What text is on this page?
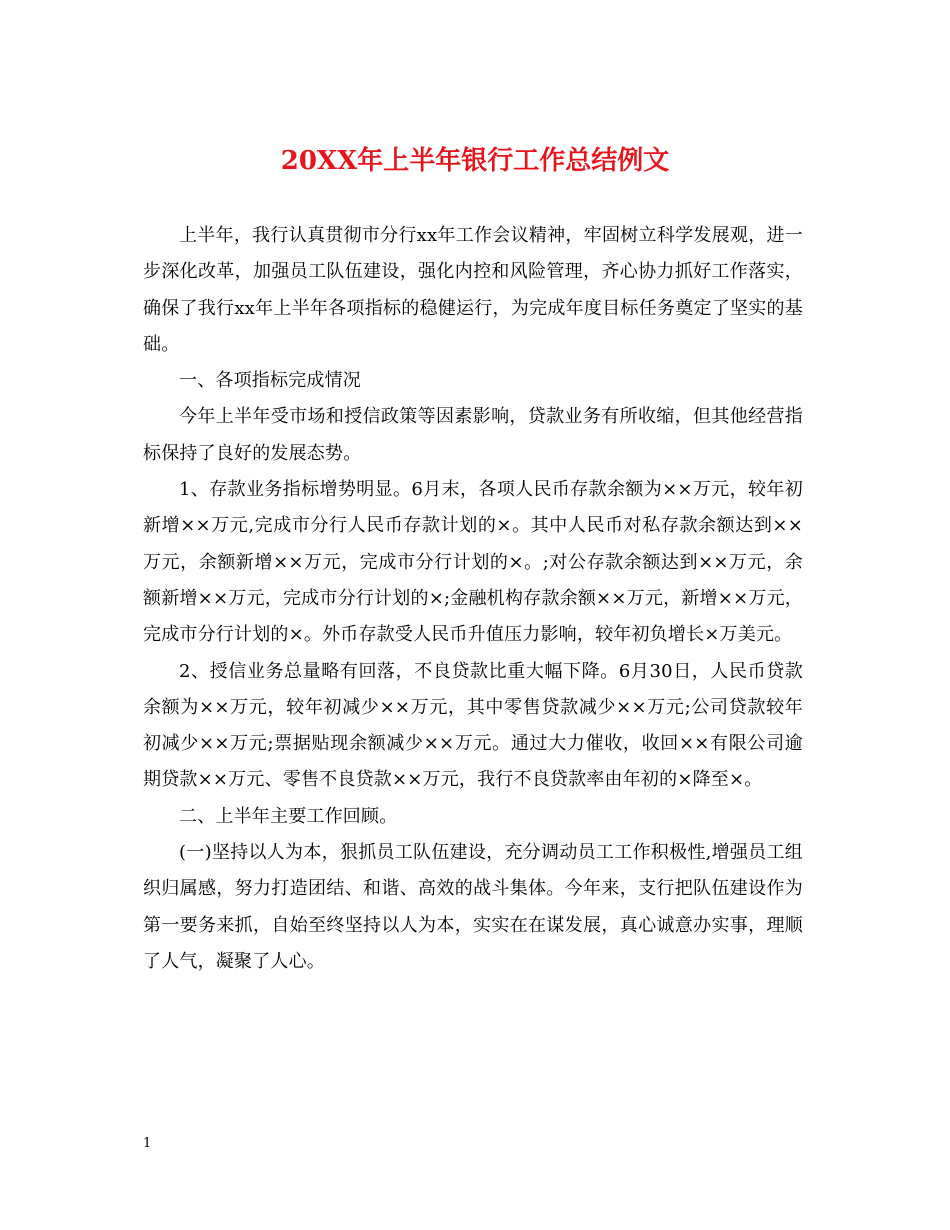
20XX年上半年银行工作总结例文

上半年，我行认真贯彻市分行xx年工作会议精神，牢固树立科学发展观，进一步深化改革，加强员工队伍建设，强化内控和风险管理，齐心协力抓好工作落实，确保了我行xx年上半年各项指标的稳健运行，为完成年度目标任务奠定了坚实的基础。

一、各项指标完成情况

今年上半年受市场和授信政策等因素影响，贷款业务有所收缩，但其他经营指标保持了良好的发展态势。

1、存款业务指标增势明显。6月末，各项人民币存款余额为××万元，较年初新增××万元,完成市分行人民币存款计划的×。其中人民币对私存款余额达到××万元，余额新增××万元，完成市分行计划的×。;对公存款余额达到××万元，余额新增××万元，完成市分行计划的×;金融机构存款余额××万元，新增××万元，完成市分行计划的×。外币存款受人民币升值压力影响，较年初负增长×万美元。

2、授信业务总量略有回落，不良贷款比重大幅下降。6月30日，人民币贷款余额为××万元，较年初减少××万元，其中零售贷款减少××万元;公司贷款较年初减少××万元;票据贴现余额减少××万元。通过大力催收，收回××有限公司逾期贷款××万元、零售不良贷款××万元，我行不良贷款率由年初的×降至×。

二、上半年主要工作回顾。

(一)坚持以人为本，狠抓员工队伍建设，充分调动员工工作积极性,增强员工组织归属感，努力打造团结、和谐、高效的战斗集体。今年来，支行把队伍建设作为第一要务来抓，自始至终坚持以人为本，实实在在谋发展，真心诚意办实事，理顺了人气，凝聚了人心。

1
